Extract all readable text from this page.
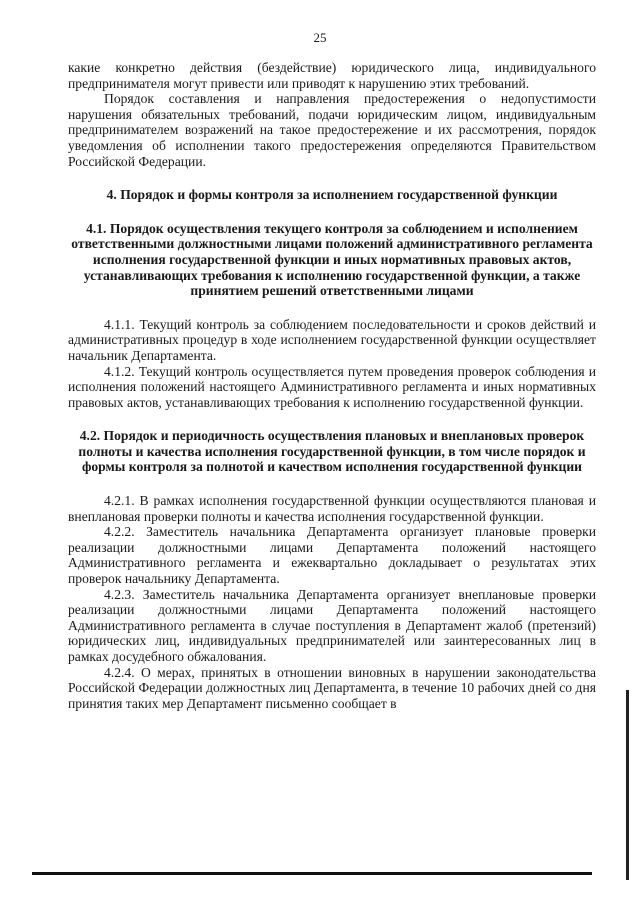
25

какие конкретно действия (бездействие) юридического лица, индивидуального предпринимателя могут привести или приводят к нарушению этих требований.

Порядок составления и направления предостережения о недопустимости нарушения обязательных требований, подачи юридическим лицом, индивидуальным предпринимателем возражений на такое предостережение и их рассмотрения, порядок уведомления об исполнении такого предостережения определяются Правительством Российской Федерации.

4. Порядок и формы контроля за исполнением государственной функции

4.1. Порядок осуществления текущего контроля за соблюдением и исполнением ответственными должностными лицами положений административного регламента исполнения государственной функции и иных нормативных правовых актов, устанавливающих требования к исполнению государственной функции, а также принятием решений ответственными лицами

4.1.1. Текущий контроль за соблюдением последовательности и сроков действий и административных процедур в ходе исполнением государственной функции осуществляет начальник Департамента.

4.1.2. Текущий контроль осуществляется путем проведения проверок соблюдения и исполнения положений настоящего Административного регламента и иных нормативных правовых актов, устанавливающих требования к исполнению государственной функции.

4.2. Порядок и периодичность осуществления плановых и внеплановых проверок полноты и качества исполнения государственной функции, в том числе порядок и формы контроля за полнотой и качеством исполнения государственной функции

4.2.1. В рамках исполнения государственной функции осуществляются плановая и внеплановая проверки полноты и качества исполнения государственной функции.

4.2.2. Заместитель начальника Департамента организует плановые проверки реализации должностными лицами Департамента положений настоящего Административного регламента и ежеквартально докладывает о результатах этих проверок начальнику Департамента.

4.2.3. Заместитель начальника Департамента организует внеплановые проверки реализации должностными лицами Департамента положений настоящего Административного регламента в случае поступления в Департамент жалоб (претензий) юридических лиц, индивидуальных предпринимателей или заинтересованных лиц в рамках досудебного обжалования.

4.2.4. О мерах, принятых в отношении виновных в нарушении законодательства Российской Федерации должностных лиц Департамента, в течение 10 рабочих дней со дня принятия таких мер Департамент письменно сообщает в
